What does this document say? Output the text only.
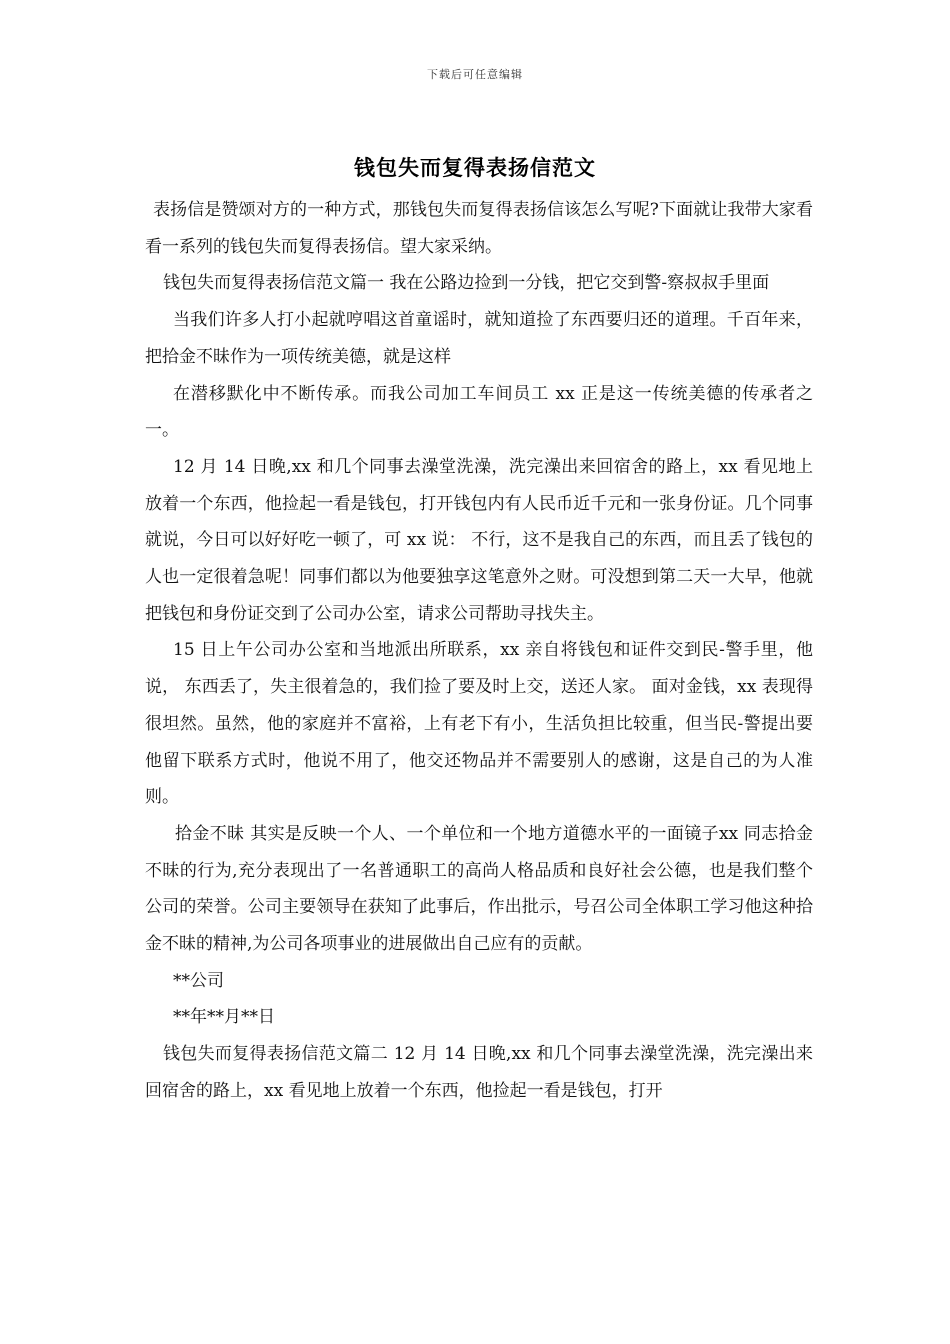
下载后可任意编辑
钱包失而复得表扬信范文

表扬信是赞颂对方的一种方式，那钱包失而复得表扬信该怎么写呢?下面就让我带大家看看一系列的钱包失而复得表扬信。望大家采纳。

钱包失而复得表扬信范文篇一 我在公路边捡到一分钱，把它交到警-察叔叔手里面

当我们许多人打小起就哼唱这首童谣时，就知道捡了东西要归还的道理。千百年来，把拾金不昧作为一项传统美德，就是这样

在潜移默化中不断传承。而我公司加工车间员工 xx 正是这一传统美德的传承者之一。

12 月 14 日晚,xx 和几个同事去澡堂洗澡，洗完澡出来回宿舍的路上，xx 看见地上放着一个东西，他捡起一看是钱包，打开钱包内有人民币近千元和一张身份证。几个同事就说，今日可以好好吃一顿了，可 xx 说： 不行，这不是我自己的东西，而且丢了钱包的人也一定很着急呢！同事们都以为他要独享这笔意外之财。可没想到第二天一大早，他就把钱包和身份证交到了公司办公室，请求公司帮助寻找失主。

15 日上午公司办公室和当地派出所联系，xx 亲自将钱包和证件交到民-警手里，他说， 东西丢了，失主很着急的，我们捡了要及时上交，送还人家。 面对金钱，xx 表现得很坦然。虽然，他的家庭并不富裕，上有老下有小，生活负担比较重，但当民-警提出要他留下联系方式时，他说不用了，他交还物品并不需要别人的感谢，这是自己的为人准则。

拾金不昧 其实是反映一个人、一个单位和一个地方道德水平的一面镜子xx 同志拾金不昧的行为,充分表现出了一名普通职工的高尚人格品质和良好社会公德，也是我们整个公司的荣誉。公司主要领导在获知了此事后，作出批示，号召公司全体职工学习他这种拾金不昧的精神,为公司各项事业的进展做出自己应有的贡献。

**公司

**年**月**日

钱包失而复得表扬信范文篇二 12 月 14 日晚,xx 和几个同事去澡堂洗澡，洗完澡出来回宿舍的路上，xx 看见地上放着一个东西，他捡起一看是钱包，打开
